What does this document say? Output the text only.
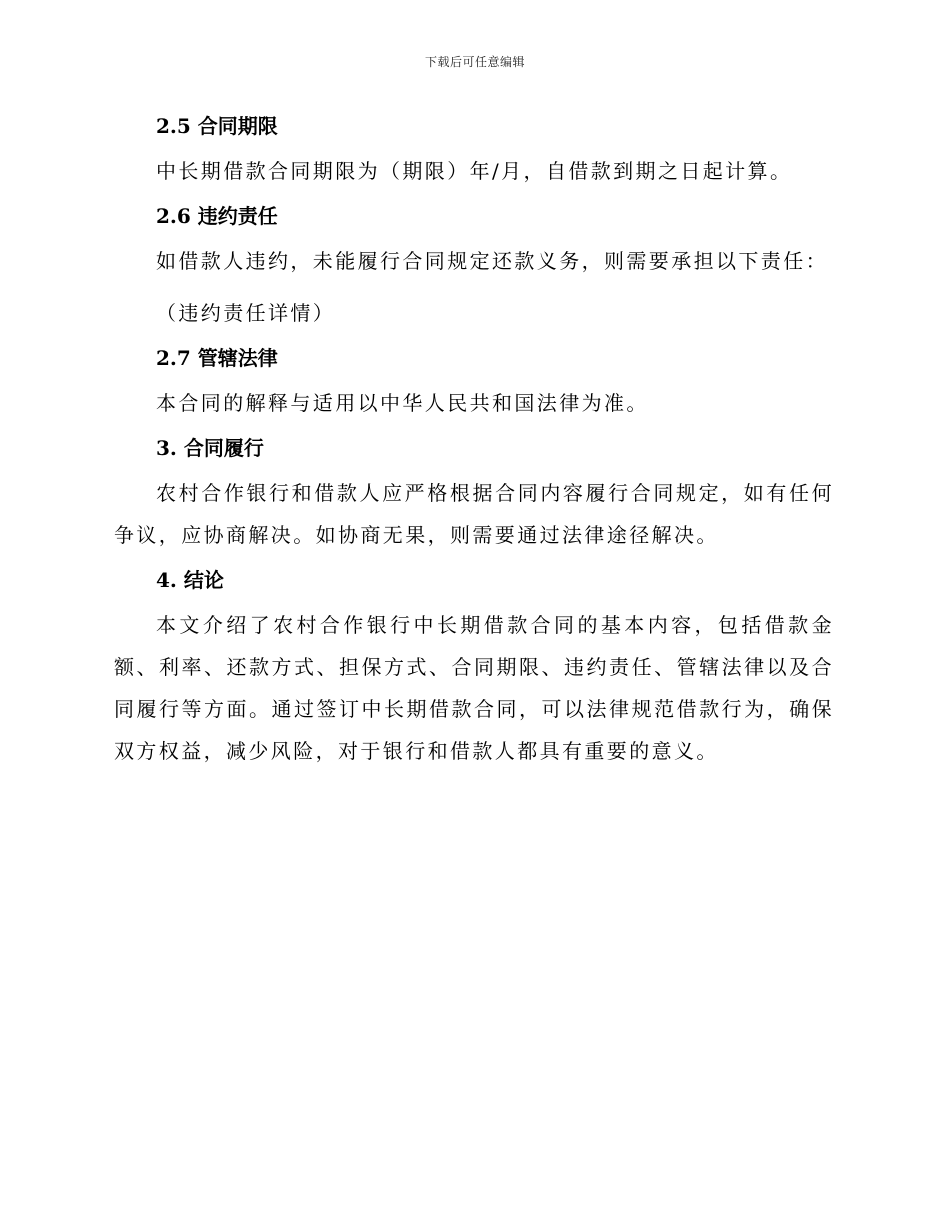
下载后可任意编辑
2.5 合同期限

中长期借款合同期限为（期限）年/月，自借款到期之日起计算。

2.6 违约责任

如借款人违约，未能履行合同规定还款义务，则需要承担以下责任：

（违约责任详情）

2.7 管辖法律

本合同的解释与适用以中华人民共和国法律为准。

3. 合同履行

农村合作银行和借款人应严格根据合同内容履行合同规定，如有任何争议，应协商解决。如协商无果，则需要通过法律途径解决。

4. 结论

本文介绍了农村合作银行中长期借款合同的基本内容，包括借款金额、利率、还款方式、担保方式、合同期限、违约责任、管辖法律以及合同履行等方面。通过签订中长期借款合同，可以法律规范借款行为，确保双方权益，减少风险，对于银行和借款人都具有重要的意义。
